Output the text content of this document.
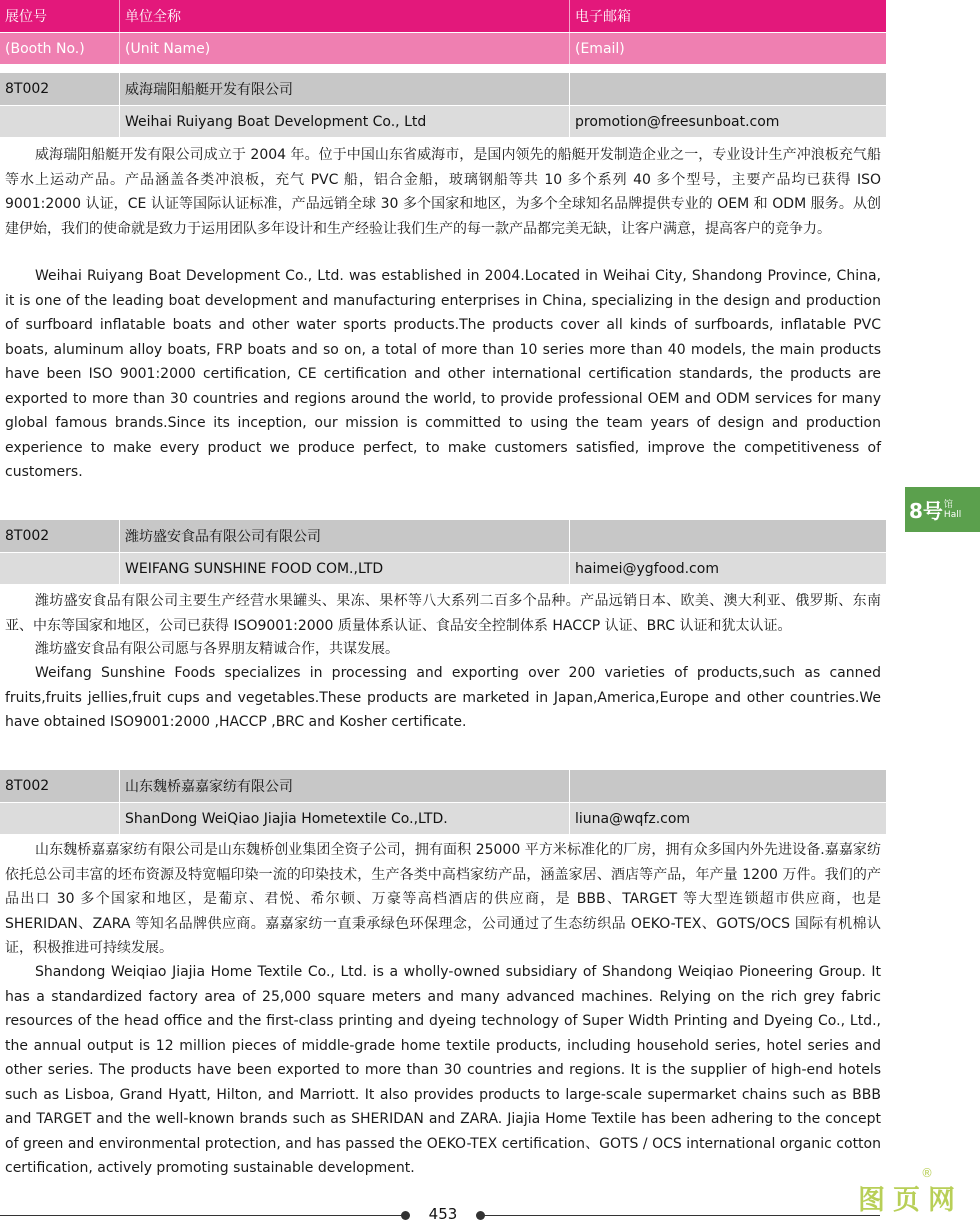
展位号	单位全称	电子邮箱
(Booth No.)	(Unit Name)	(Email)
8T002	威海瑞阳船艇开发有限公司
Weihai Ruiyang Boat Development Co., Ltd	promotion@freesunboat.com

威海瑞阳船艇开发有限公司成立于 2004 年。位于中国山东省威海市，是国内领先的船艇开发制造企业之一，专业设计生产冲浪板充气船等水上运动产品。产品涵盖各类冲浪板，充气 PVC 船，铝合金船，玻璃钢船等共 10 多个系列 40 多个型号，主要产品均已获得 ISO 9001:2000 认证，CE 认证等国际认证标准，产品远销全球 30 多个国家和地区，为多个全球知名品牌提供专业的 OEM 和 ODM 服务。从创建伊始，我们的使命就是致力于运用团队多年设计和生产经验让我们生产的每一款产品都完美无缺，让客户满意，提高客户的竞争力。

Weihai Ruiyang Boat Development Co., Ltd. was established in 2004.Located in Weihai City, Shandong Province, China, it is one of the leading boat development and manufacturing enterprises in China, specializing in the design and production of surfboard inflatable boats and other water sports products.The products cover all kinds of surfboards, inflatable PVC boats, aluminum alloy boats, FRP boats and so on, a total of more than 10 series more than 40 models, the main products have been ISO 9001:2000 certification, CE certification and other international certification standards, the products are exported to more than 30 countries and regions around the world, to provide professional OEM and ODM services for many global famous brands.Since its inception, our mission is committed to using the team years of design and production experience to make every product we produce perfect, to make customers satisfied, improve the competitiveness of customers.

8T002	潍坊盛安食品有限公司有限公司
WEIFANG SUNSHINE FOOD COM.,LTD	haimei@ygfood.com

潍坊盛安食品有限公司主要生产经营水果罐头、果冻、果杯等八大系列二百多个品种。产品远销日本、欧美、澳大利亚、俄罗斯、东南亚、中东等国家和地区，公司已获得 ISO9001:2000 质量体系认证、食品安全控制体系 HACCP 认证、BRC 认证和犹太认证。

潍坊盛安食品有限公司愿与各界朋友精诚合作，共谋发展。

Weifang Sunshine Foods specializes in processing and exporting over 200 varieties of products,such as canned fruits,fruits jellies,fruit cups and vegetables.These products are marketed in Japan,America,Europe and other countries.We have obtained ISO9001:2000 ,HACCP ,BRC and Kosher certificate.

8T002	山东魏桥嘉嘉家纺有限公司
ShanDong WeiQiao Jiajia Hometextile Co.,LTD.	liuna@wqfz.com

山东魏桥嘉嘉家纺有限公司是山东魏桥创业集团全资子公司，拥有面积 25000 平方米标准化的厂房，拥有众多国内外先进设备.嘉嘉家纺依托总公司丰富的坯布资源及特宽幅印染一流的印染技术，生产各类中高档家纺产品，涵盖家居、酒店等产品，年产量 1200 万件。我们的产品出口 30 多个国家和地区，是葡京、君悦、希尔顿、万豪等高档酒店的供应商，是 BBB、TARGET 等大型连锁超市供应商，也是 SHERIDAN、ZARA 等知名品牌供应商。嘉嘉家纺一直秉承绿色环保理念，公司通过了生态纺织品 OEKO-TEX、GOTS/OCS 国际有机棉认证，积极推进可持续发展。

Shandong Weiqiao Jiajia Home Textile Co., Ltd. is a wholly-owned subsidiary of Shandong Weiqiao Pioneering Group. It has a standardized factory area of 25,000 square meters and many advanced machines. Relying on the rich grey fabric resources of the head office and the first-class printing and dyeing technology of Super Width Printing and Dyeing Co., Ltd., the annual output is 12 million pieces of middle-grade home textile products, including household series, hotel series and other series. The products have been exported to more than 30 countries and regions. It is the supplier of high-end hotels such as Lisboa, Grand Hyatt, Hilton, and Marriott. It also provides products to large-scale supermarket chains such as BBB and TARGET and the well-known brands such as SHERIDAN and ZARA. Jiajia Home Textile has been adhering to the concept of green and environmental protection, and has passed the OEKO-TEX certification、GOTS / OCS international organic cotton certification, actively promoting sustainable development.

8号 馆
Hall
453	图页网
®
